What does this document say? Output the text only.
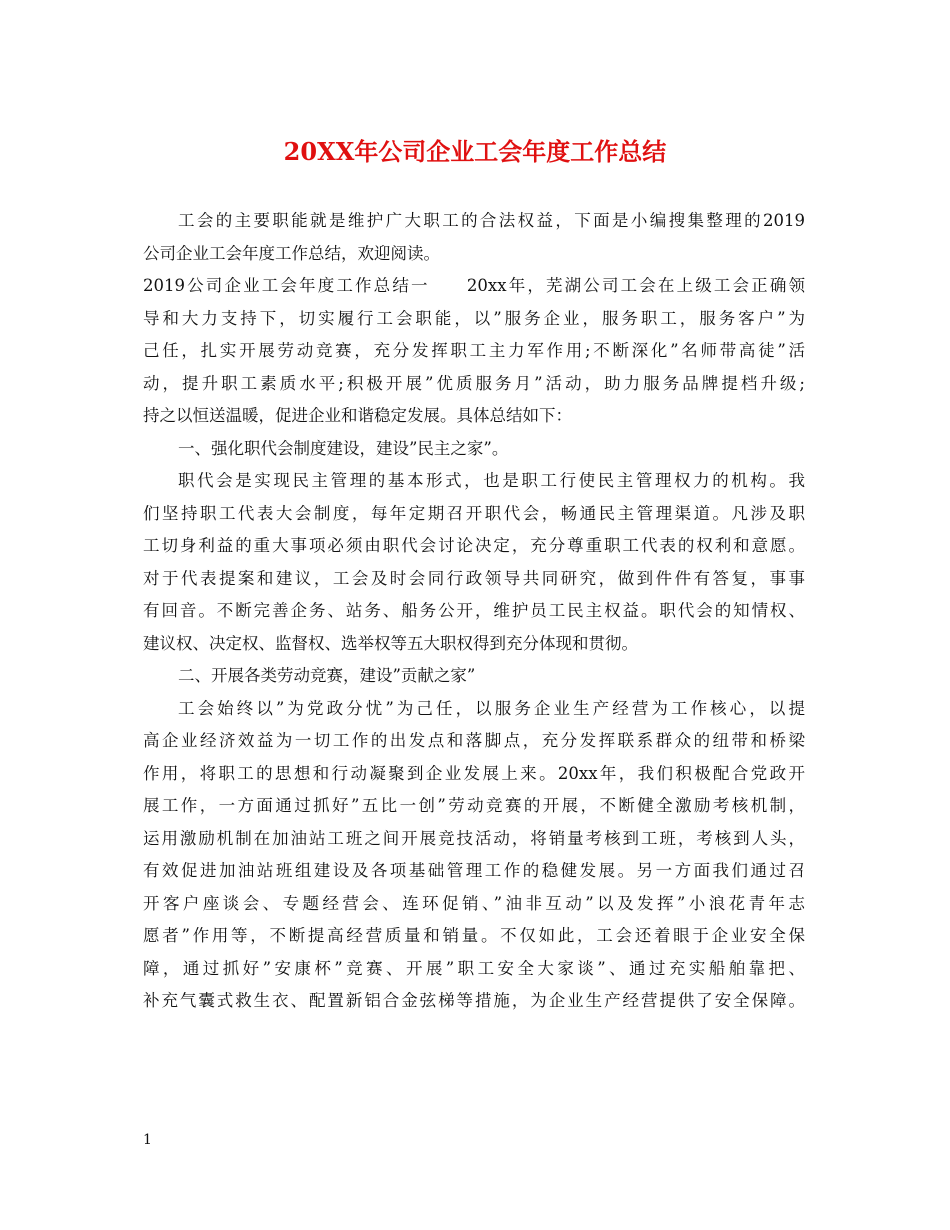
20XX年公司企业工会年度工作总结
工会的主要职能就是维护广大职工的合法权益，下面是小编搜集整理的2019
公司企业工会年度工作总结，欢迎阅读。
2019公司企业工会年度工作总结一　　20xx年，芜湖公司工会在上级工会正确领
导和大力支持下，切实履行工会职能，以”服务企业，服务职工，服务客户”为
己任，扎实开展劳动竞赛，充分发挥职工主力军作用;不断深化”名师带高徒”活
动，提升职工素质水平;积极开展”优质服务月”活动，助力服务品牌提档升级;
持之以恒送温暖，促进企业和谐稳定发展。具体总结如下：
一、强化职代会制度建设，建设”民主之家”。
职代会是实现民主管理的基本形式，也是职工行使民主管理权力的机构。我
们坚持职工代表大会制度，每年定期召开职代会，畅通民主管理渠道。凡涉及职
工切身利益的重大事项必须由职代会讨论决定，充分尊重职工代表的权利和意愿。
对于代表提案和建议，工会及时会同行政领导共同研究，做到件件有答复，事事
有回音。不断完善企务、站务、船务公开，维护员工民主权益。职代会的知情权、
建议权、决定权、监督权、选举权等五大职权得到充分体现和贯彻。
二、开展各类劳动竞赛，建设”贡献之家”
工会始终以”为党政分忧”为己任，以服务企业生产经营为工作核心，以提
高企业经济效益为一切工作的出发点和落脚点，充分发挥联系群众的纽带和桥梁
作用，将职工的思想和行动凝聚到企业发展上来。20xx年，我们积极配合党政开
展工作，一方面通过抓好”五比一创”劳动竞赛的开展，不断健全激励考核机制，
运用激励机制在加油站工班之间开展竞技活动，将销量考核到工班，考核到人头，
有效促进加油站班组建设及各项基础管理工作的稳健发展。另一方面我们通过召
开客户座谈会、专题经营会、连环促销、”油非互动”以及发挥”小浪花青年志
愿者”作用等，不断提高经营质量和销量。不仅如此，工会还着眼于企业安全保
障，通过抓好”安康杯”竞赛、开展”职工安全大家谈”、通过充实船舶靠把、
补充气囊式救生衣、配置新铝合金弦梯等措施，为企业生产经营提供了安全保障。
1
